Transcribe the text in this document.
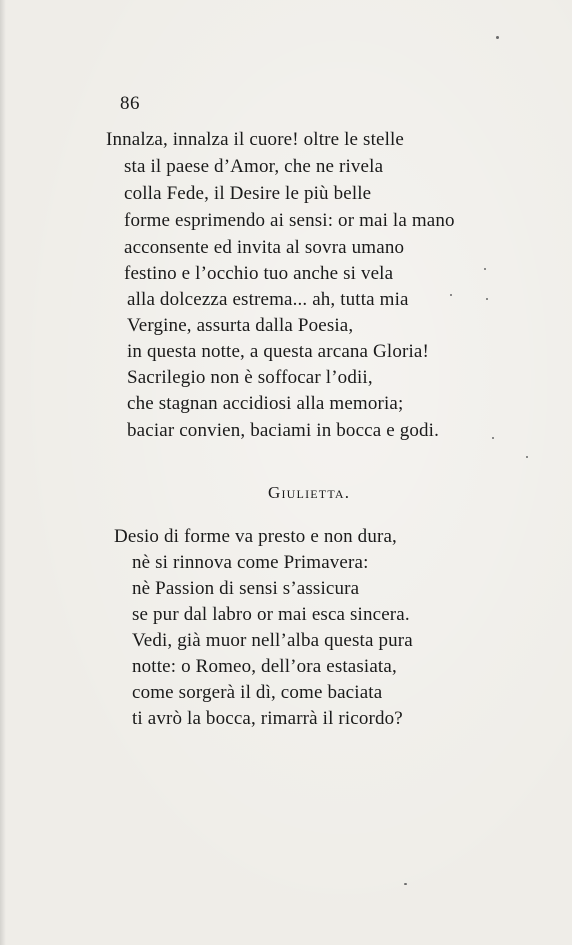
86

Innalza, innalza il cuore! oltre le stelle

sta il paese d’Amor, che ne rivela

colla Fede, il Desire le più belle

forme esprimendo ai sensi: or mai la mano

acconsente ed invita al sovra umano

festino e l’occhio tuo anche si vela

alla dolcezza estrema... ah, tutta mia

Vergine, assurta dalla Poesia,

in questa notte, a questa arcana Gloria!

Sacrilegio non è soffocar l’odii,

che stagnan accidiosi alla memoria;

baciar convien, baciami in bocca e godi.

Giulietta.

Desio di forme va presto e non dura,

nè si rinnova come Primavera:

nè Passion di sensi s’assicura

se pur dal labro or mai esca sincera.

Vedi, già muor nell’alba questa pura

notte: o Romeo, dell’ora estasiata,

come sorgerà il dì, come baciata

ti avrò la bocca, rimarrà il ricordo?
